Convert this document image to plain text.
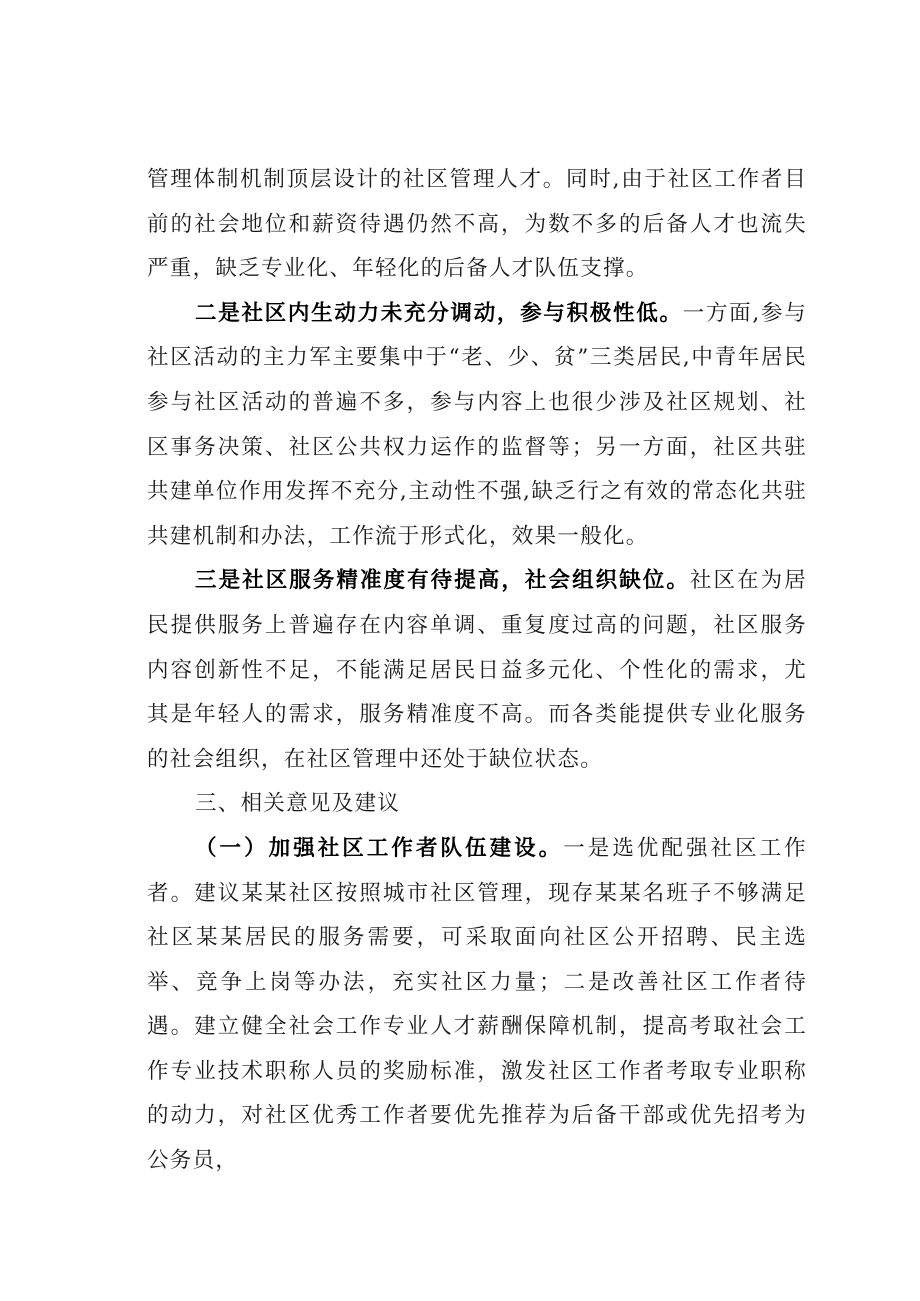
管理体制机制顶层设计的社区管理人才。同时,由于社区工作者目前的社会地位和薪资待遇仍然不高，为数不多的后备人才也流失严重，缺乏专业化、年轻化的后备人才队伍支撑。

二是社区内生动力未充分调动，参与积极性低。一方面,参与社区活动的主力军主要集中于“老、少、贫”三类居民,中青年居民参与社区活动的普遍不多，参与内容上也很少涉及社区规划、社区事务决策、社区公共权力运作的监督等；另一方面，社区共驻共建单位作用发挥不充分,主动性不强,缺乏行之有效的常态化共驻共建机制和办法，工作流于形式化，效果一般化。

三是社区服务精准度有待提高，社会组织缺位。社区在为居民提供服务上普遍存在内容单调、重复度过高的问题，社区服务内容创新性不足，不能满足居民日益多元化、个性化的需求，尤其是年轻人的需求，服务精准度不高。而各类能提供专业化服务的社会组织，在社区管理中还处于缺位状态。

三、相关意见及建议

（一）加强社区工作者队伍建设。一是选优配强社区工作者。建议某某社区按照城市社区管理，现存某某名班子不够满足社区某某居民的服务需要，可采取面向社区公开招聘、民主选举、竞争上岗等办法，充实社区力量；二是改善社区工作者待遇。建立健全社会工作专业人才薪酬保障机制，提高考取社会工作专业技术职称人员的奖励标准，激发社区工作者考取专业职称的动力，对社区优秀工作者要优先推荐为后备干部或优先招考为公务员，
